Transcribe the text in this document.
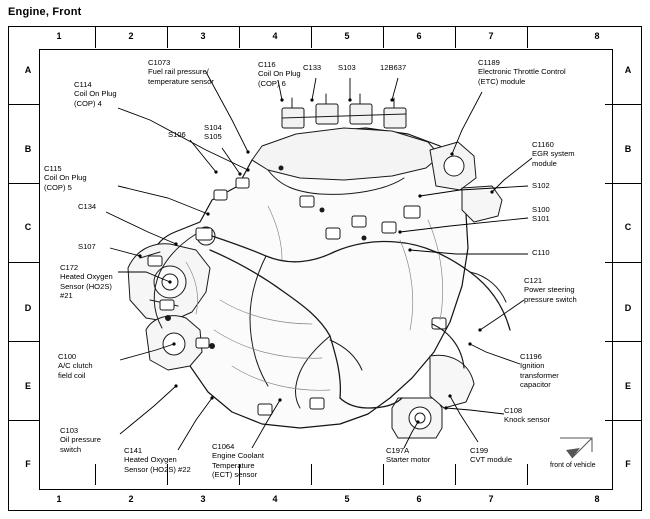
Engine, Front
1	2	3	4	5	6	7	8
1	2	3	4	5	6	7	8
A
B
C
D
E
F
A
B
C
D
E
F
C114
Coil On Plug
(COP) 4
C1073
Fuel rail pressure/
temperature sensor
C116
Coil On Plug
(COP) 6
C133 S103	12B637
C1189
Electronic Throttle Control
(ETC) module
C1160
EGR system
module
S106
S104
S105
C115
Coil On Plug
(COP) 5	S102
C134	S100
S101
S107
C110
C172
Heated Oxygen
Sensor (HO2S)
#21
C121
Power steering
pressure switch
C100
A/C clutch
field coil
C1196
Ignition
transformer
capacitor
C103
Oil pressure
switch
C108
Knock sensor
C141
Heated Oxygen
Sensor (HO2S) #22
C1064
Engine Coolant
Temperature
(ECT) sensor
C197A
Starter motor
C199
CVT module
front of vehicle
